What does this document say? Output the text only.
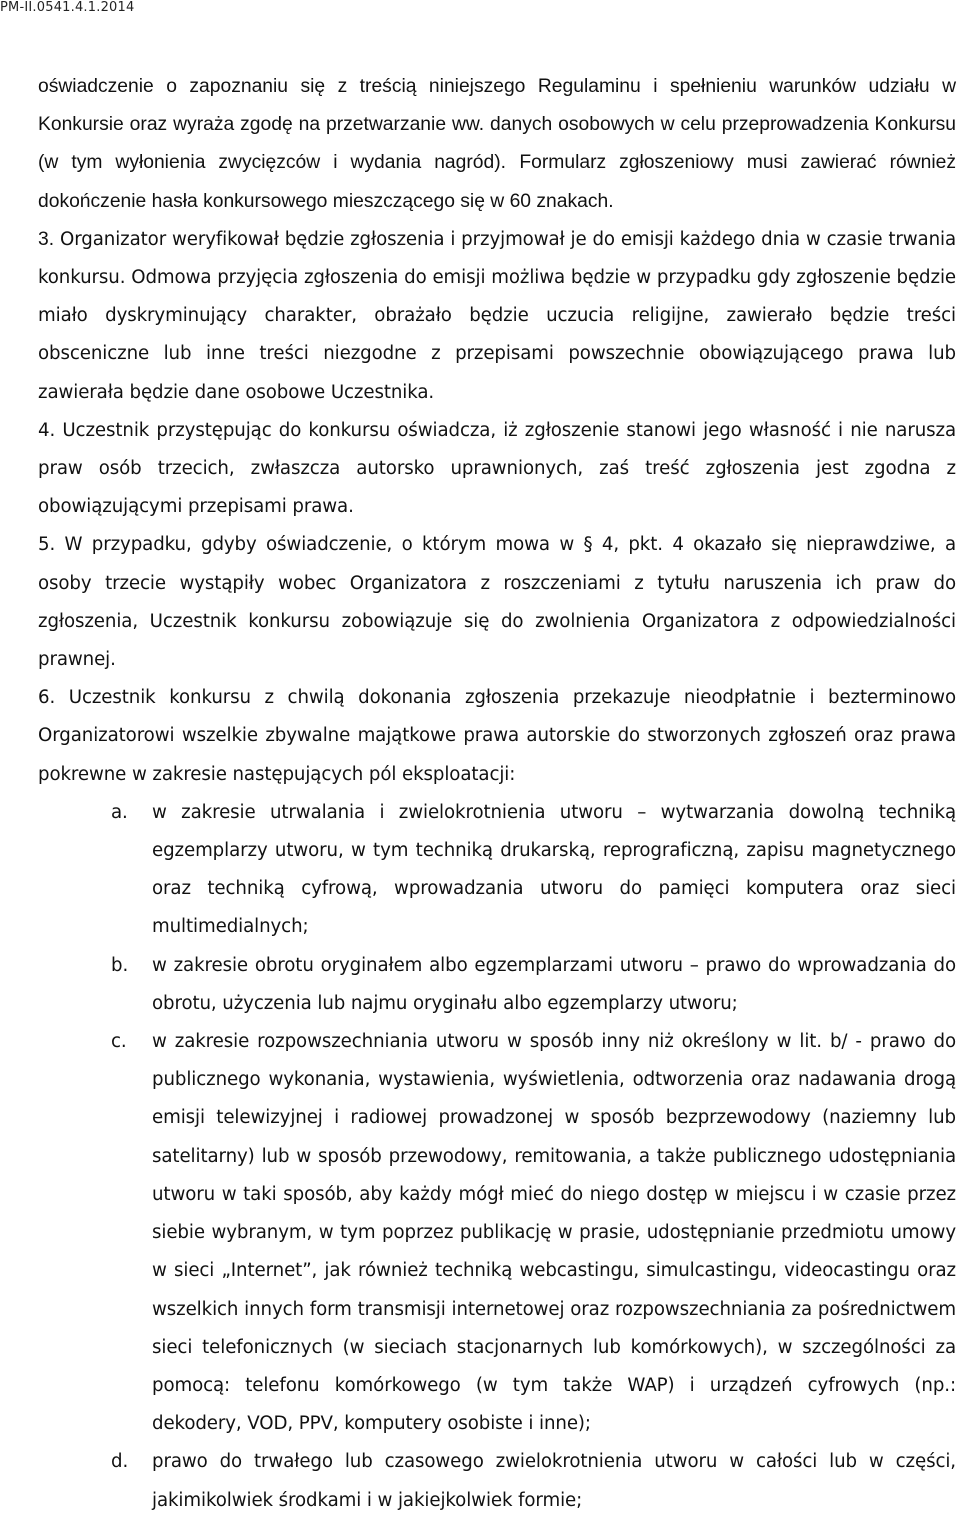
PM-II.0541.4.1.2014

oświadczenie o zapoznaniu się z treścią niniejszego Regulaminu i spełnieniu warunków udziału w Konkursie oraz wyraża zgodę na przetwarzanie ww. danych osobowych w celu przeprowadzenia Konkursu (w tym wyłonienia zwycięzców i wydania nagród). Formularz zgłoszeniowy musi zawierać również dokończenie hasła konkursowego mieszczącego się w 60 znakach.

3. Organizator weryfikował będzie zgłoszenia i przyjmował je do emisji każdego dnia w czasie trwania konkursu. Odmowa przyjęcia zgłoszenia do emisji możliwa będzie w przypadku gdy zgłoszenie będzie miało dyskryminujący charakter, obrażało będzie uczucia religijne, zawierało będzie treści obsceniczne lub inne treści niezgodne z przepisami powszechnie obowiązującego prawa lub zawierała będzie dane osobowe Uczestnika.

4. Uczestnik przystępując do konkursu oświadcza, iż zgłoszenie stanowi jego własność i nie narusza praw osób trzecich, zwłaszcza autorsko uprawnionych, zaś treść zgłoszenia jest zgodna z obowiązującymi przepisami prawa.

5. W przypadku, gdyby oświadczenie, o którym mowa w § 4, pkt. 4 okazało się nieprawdziwe, a osoby trzecie wystąpiły wobec Organizatora z roszczeniami z tytułu naruszenia ich praw do zgłoszenia, Uczestnik konkursu zobowiązuje się do zwolnienia Organizatora z odpowiedzialności prawnej.

6. Uczestnik konkursu z chwilą dokonania zgłoszenia przekazuje nieodpłatnie i bezterminowo Organizatorowi wszelkie zbywalne majątkowe prawa autorskie do stworzonych zgłoszeń oraz prawa pokrewne w zakresie następujących pól eksploatacji:

a. w zakresie utrwalania i zwielokrotnienia utworu – wytwarzania dowolną techniką egzemplarzy utworu, w tym techniką drukarską, reprograficzną, zapisu magnetycznego oraz techniką cyfrową, wprowadzania utworu do pamięci komputera oraz sieci multimedialnych;
b. w zakresie obrotu oryginałem albo egzemplarzami utworu – prawo do wprowadzania do obrotu, użyczenia lub najmu oryginału albo egzemplarzy utworu;
c. w zakresie rozpowszechniania utworu w sposób inny niż określony w lit. b/ - prawo do publicznego wykonania, wystawienia, wyświetlenia, odtworzenia oraz nadawania drogą emisji telewizyjnej i radiowej prowadzonej w sposób bezprzewodowy (naziemny lub satelitarny) lub w sposób przewodowy, remitowania, a także publicznego udostępniania utworu w taki sposób, aby każdy mógł mieć do niego dostęp w miejscu i w czasie przez siebie wybranym, w tym poprzez publikację w prasie, udostępnianie przedmiotu umowy w sieci „Internet”, jak również techniką webcastingu, simulcastingu, videocastingu oraz wszelkich innych form transmisji internetowej oraz rozpowszechniania za pośrednictwem sieci telefonicznych (w sieciach stacjonarnych lub komórkowych), w szczególności za pomocą: telefonu komórkowego (w tym także WAP) i urządzeń cyfrowych (np.: dekodery, VOD, PPV, komputery osobiste i inne);
d. prawo do trwałego lub czasowego zwielokrotnienia utworu w całości lub w części, jakimikolwiek środkami i w jakiejkolwiek formie;
